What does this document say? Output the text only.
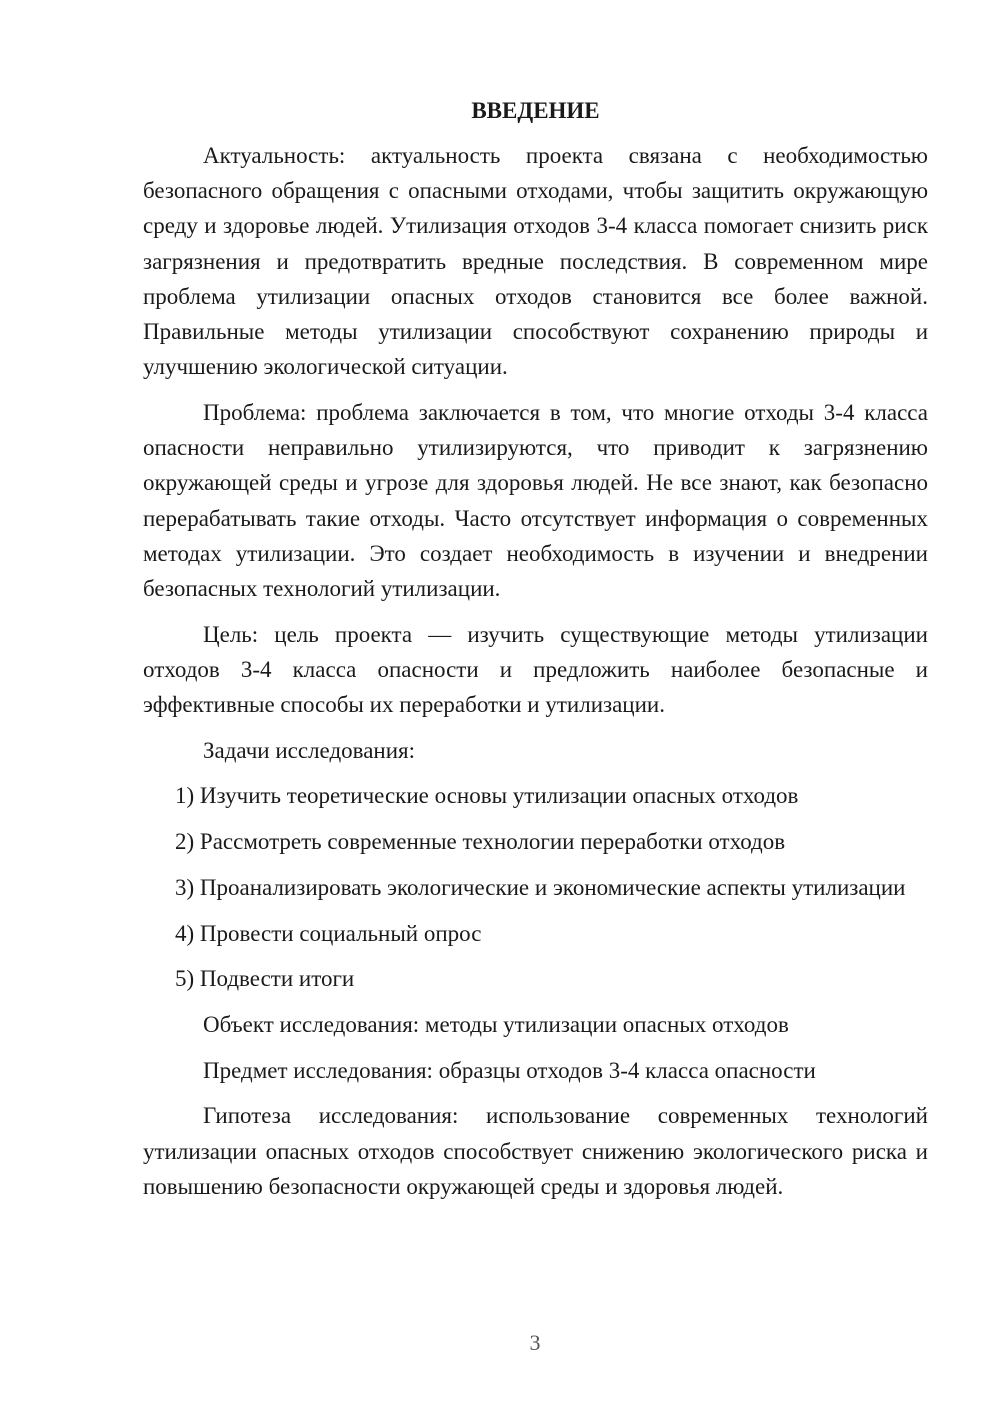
ВВЕДЕНИЕ

Актуальность: актуальность проекта связана с необходимостью безопасного обращения с опасными отходами, чтобы защитить окружающую среду и здоровье людей. Утилизация отходов 3-4 класса помогает снизить риск загрязнения и предотвратить вредные последствия. В современном мире проблема утилизации опасных отходов становится все более важной. Правильные методы утилизации способствуют сохранению природы и улучшению экологической ситуации.

Проблема: проблема заключается в том, что многие отходы 3-4 класса опасности неправильно утилизируются, что приводит к загрязнению окружающей среды и угрозе для здоровья людей. Не все знают, как безопасно перерабатывать такие отходы. Часто отсутствует информация о современных методах утилизации. Это создает необходимость в изучении и внедрении безопасных технологий утилизации.

Цель: цель проекта — изучить существующие методы утилизации отходов 3-4 класса опасности и предложить наиболее безопасные и эффективные способы их переработки и утилизации.

Задачи исследования:

1) Изучить теоретические основы утилизации опасных отходов

2) Рассмотреть современные технологии переработки отходов

3) Проанализировать экологические и экономические аспекты утилизации

4) Провести социальный опрос

5) Подвести итоги

Объект исследования: методы утилизации опасных отходов

Предмет исследования: образцы отходов 3-4 класса опасности

Гипотеза исследования: использование современных технологий утилизации опасных отходов способствует снижению экологического риска и повышению безопасности окружающей среды и здоровья людей.

3
